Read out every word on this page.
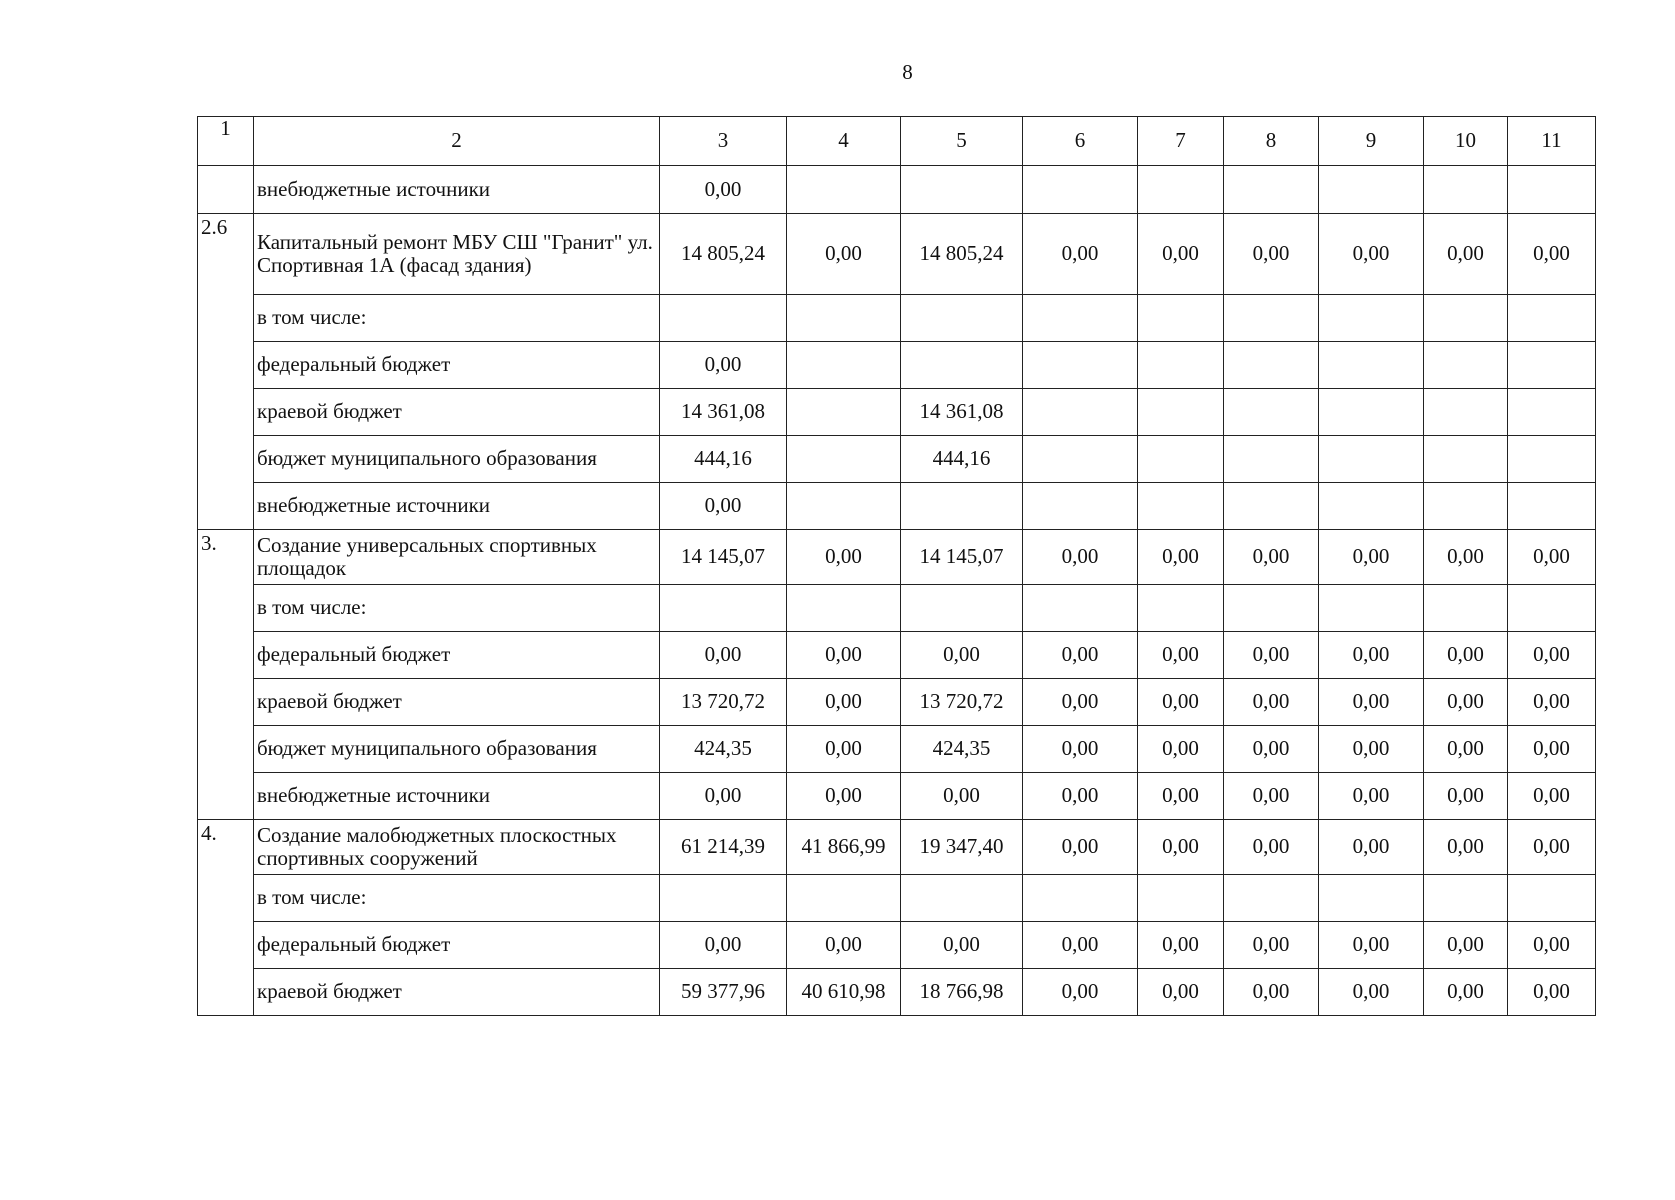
8
1	2	3	4	5	6	7	8	9	10	11
	внебюджетные источники	0,00								
2.6	Капитальный ремонт МБУ СШ "Гранит" ул. Спортивная 1А (фасад здания)	14 805,24	0,00	14 805,24	0,00	0,00	0,00	0,00	0,00	0,00
	в том числе:									
	федеральный бюджет	0,00								
	краевой бюджет	14 361,08		14 361,08						
	бюджет муниципального образования	444,16		444,16						
	внебюджетные источники	0,00								
3.	Создание универсальных спортивных площадок	14 145,07	0,00	14 145,07	0,00	0,00	0,00	0,00	0,00	0,00
	в том числе:									
	федеральный бюджет	0,00	0,00	0,00	0,00	0,00	0,00	0,00	0,00	0,00
	краевой бюджет	13 720,72	0,00	13 720,72	0,00	0,00	0,00	0,00	0,00	0,00
	бюджет муниципального образования	424,35	0,00	424,35	0,00	0,00	0,00	0,00	0,00	0,00
	внебюджетные источники	0,00	0,00	0,00	0,00	0,00	0,00	0,00	0,00	0,00
4.	Создание малобюджетных плоскостных спортивных сооружений	61 214,39	41 866,99	19 347,40	0,00	0,00	0,00	0,00	0,00	0,00
	в том числе:									
	федеральный бюджет	0,00	0,00	0,00	0,00	0,00	0,00	0,00	0,00	0,00
	краевой бюджет	59 377,96	40 610,98	18 766,98	0,00	0,00	0,00	0,00	0,00	0,00
